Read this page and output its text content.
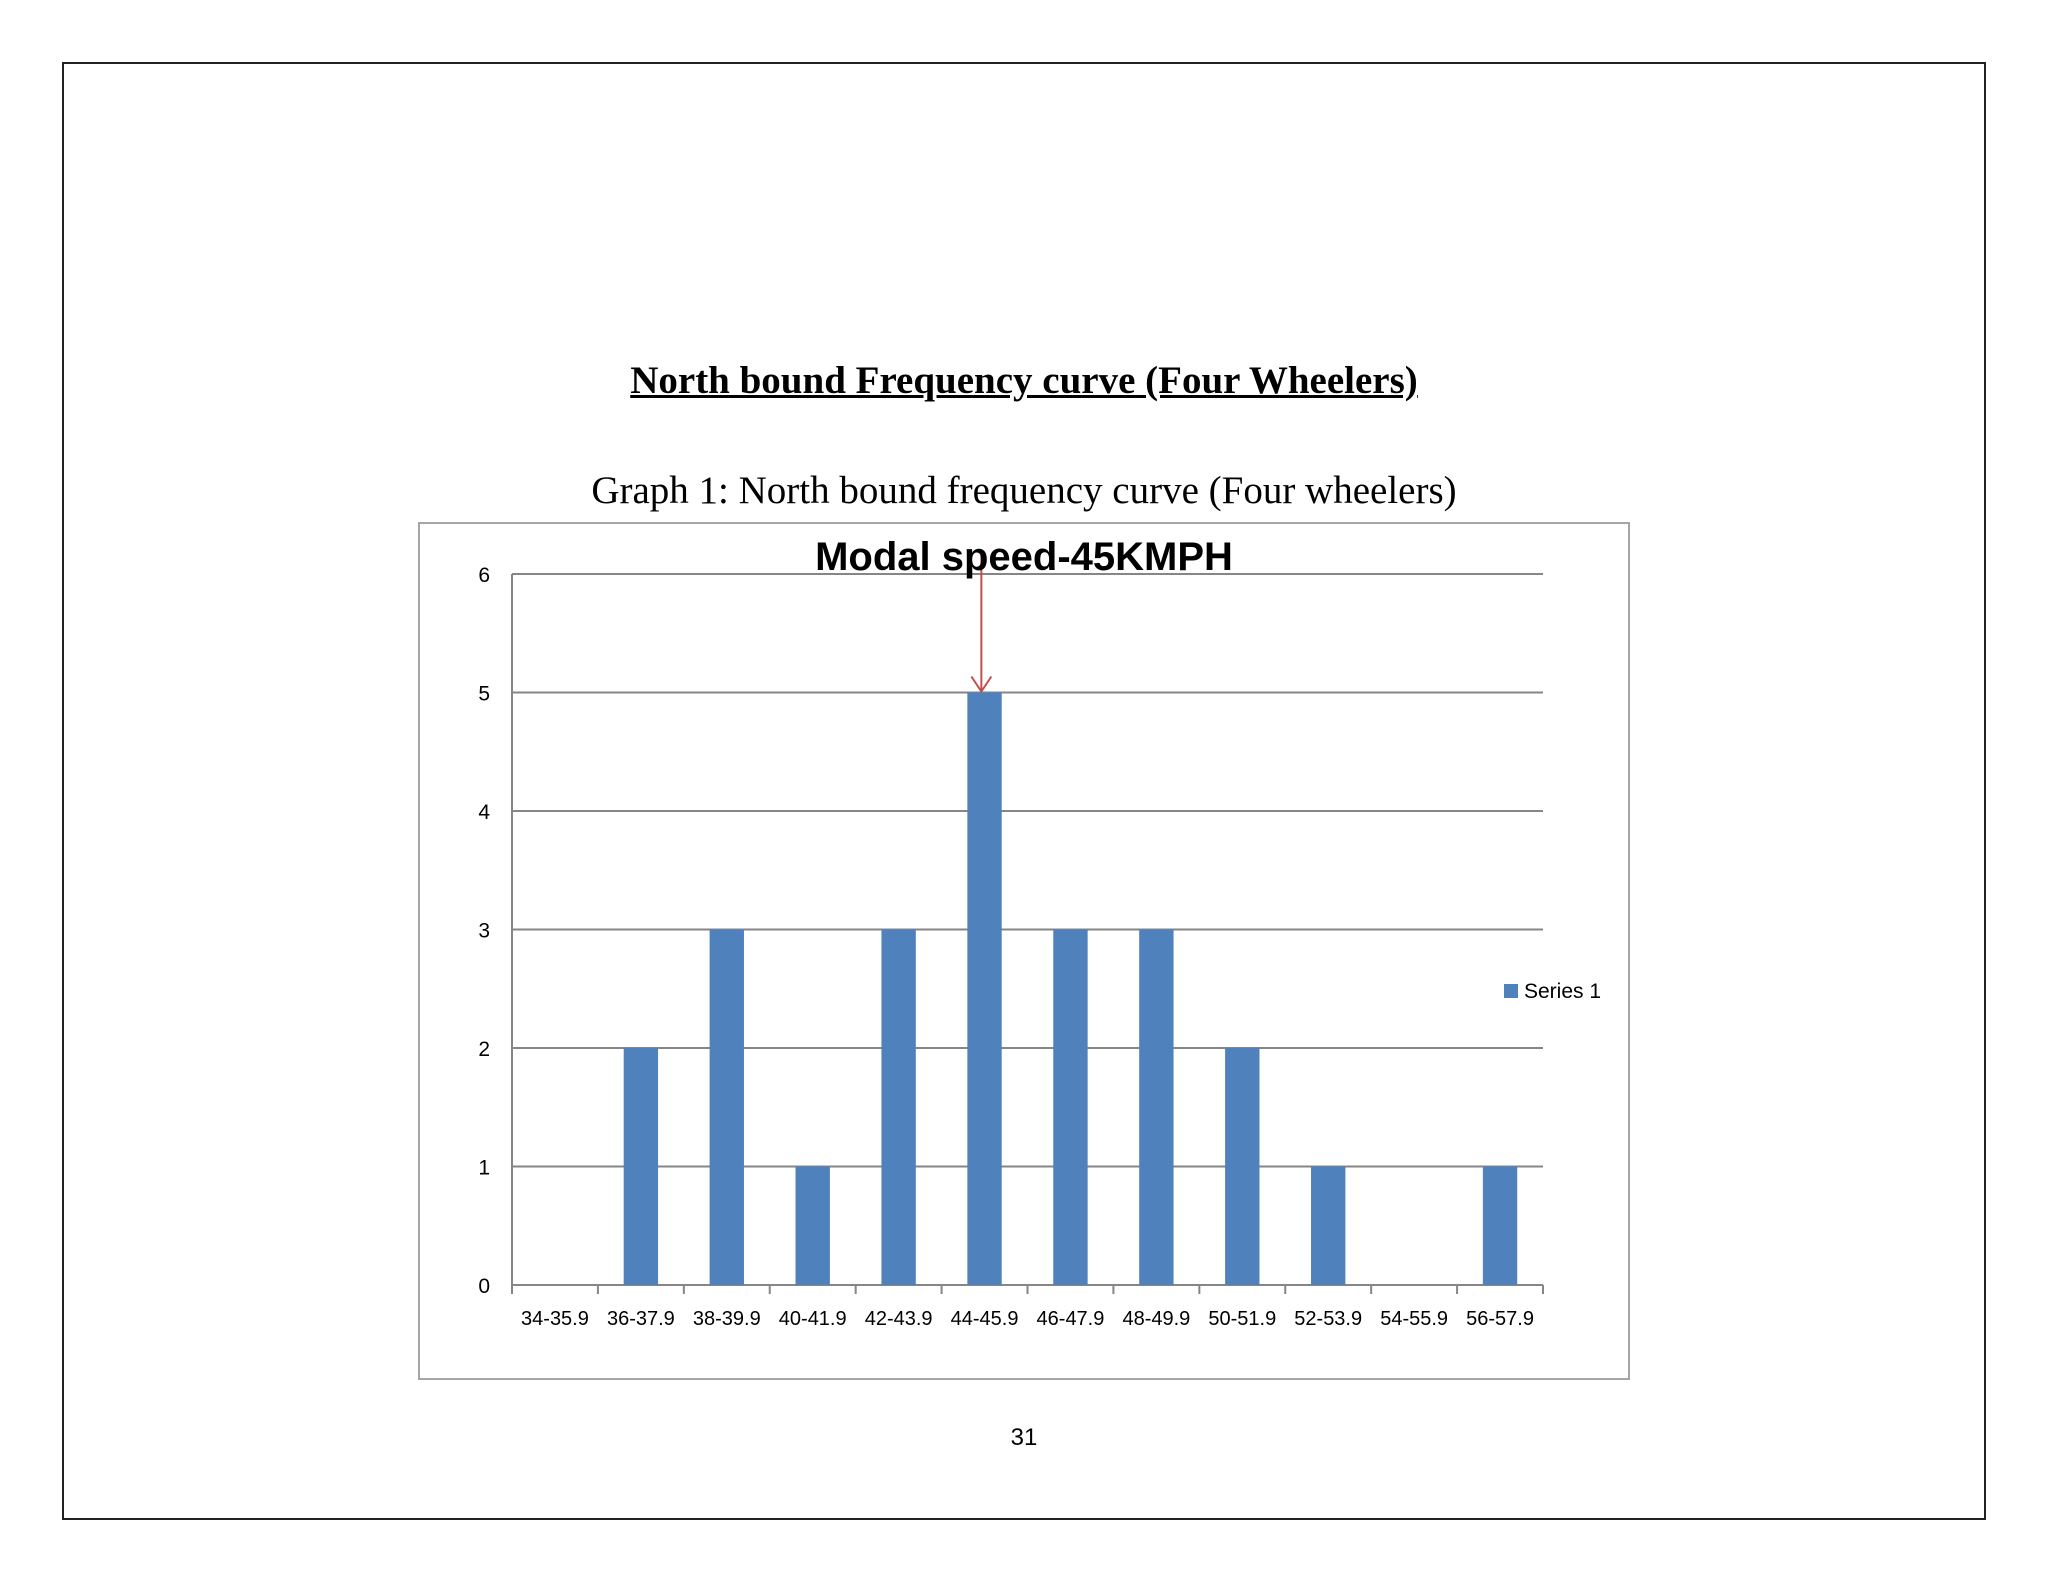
North bound Frequency curve (Four Wheelers)
Graph 1: North bound frequency curve (Four wheelers)
0
1
2
3
4
5
6
34-35.9 36-37.9 38-39.9 40-41.9 42-43.9 44-45.9 46-47.9 48-49.9 50-51.9 52-53.9 54-55.9 56-57.9
Modal speed-45KMPH
Series 1
31
